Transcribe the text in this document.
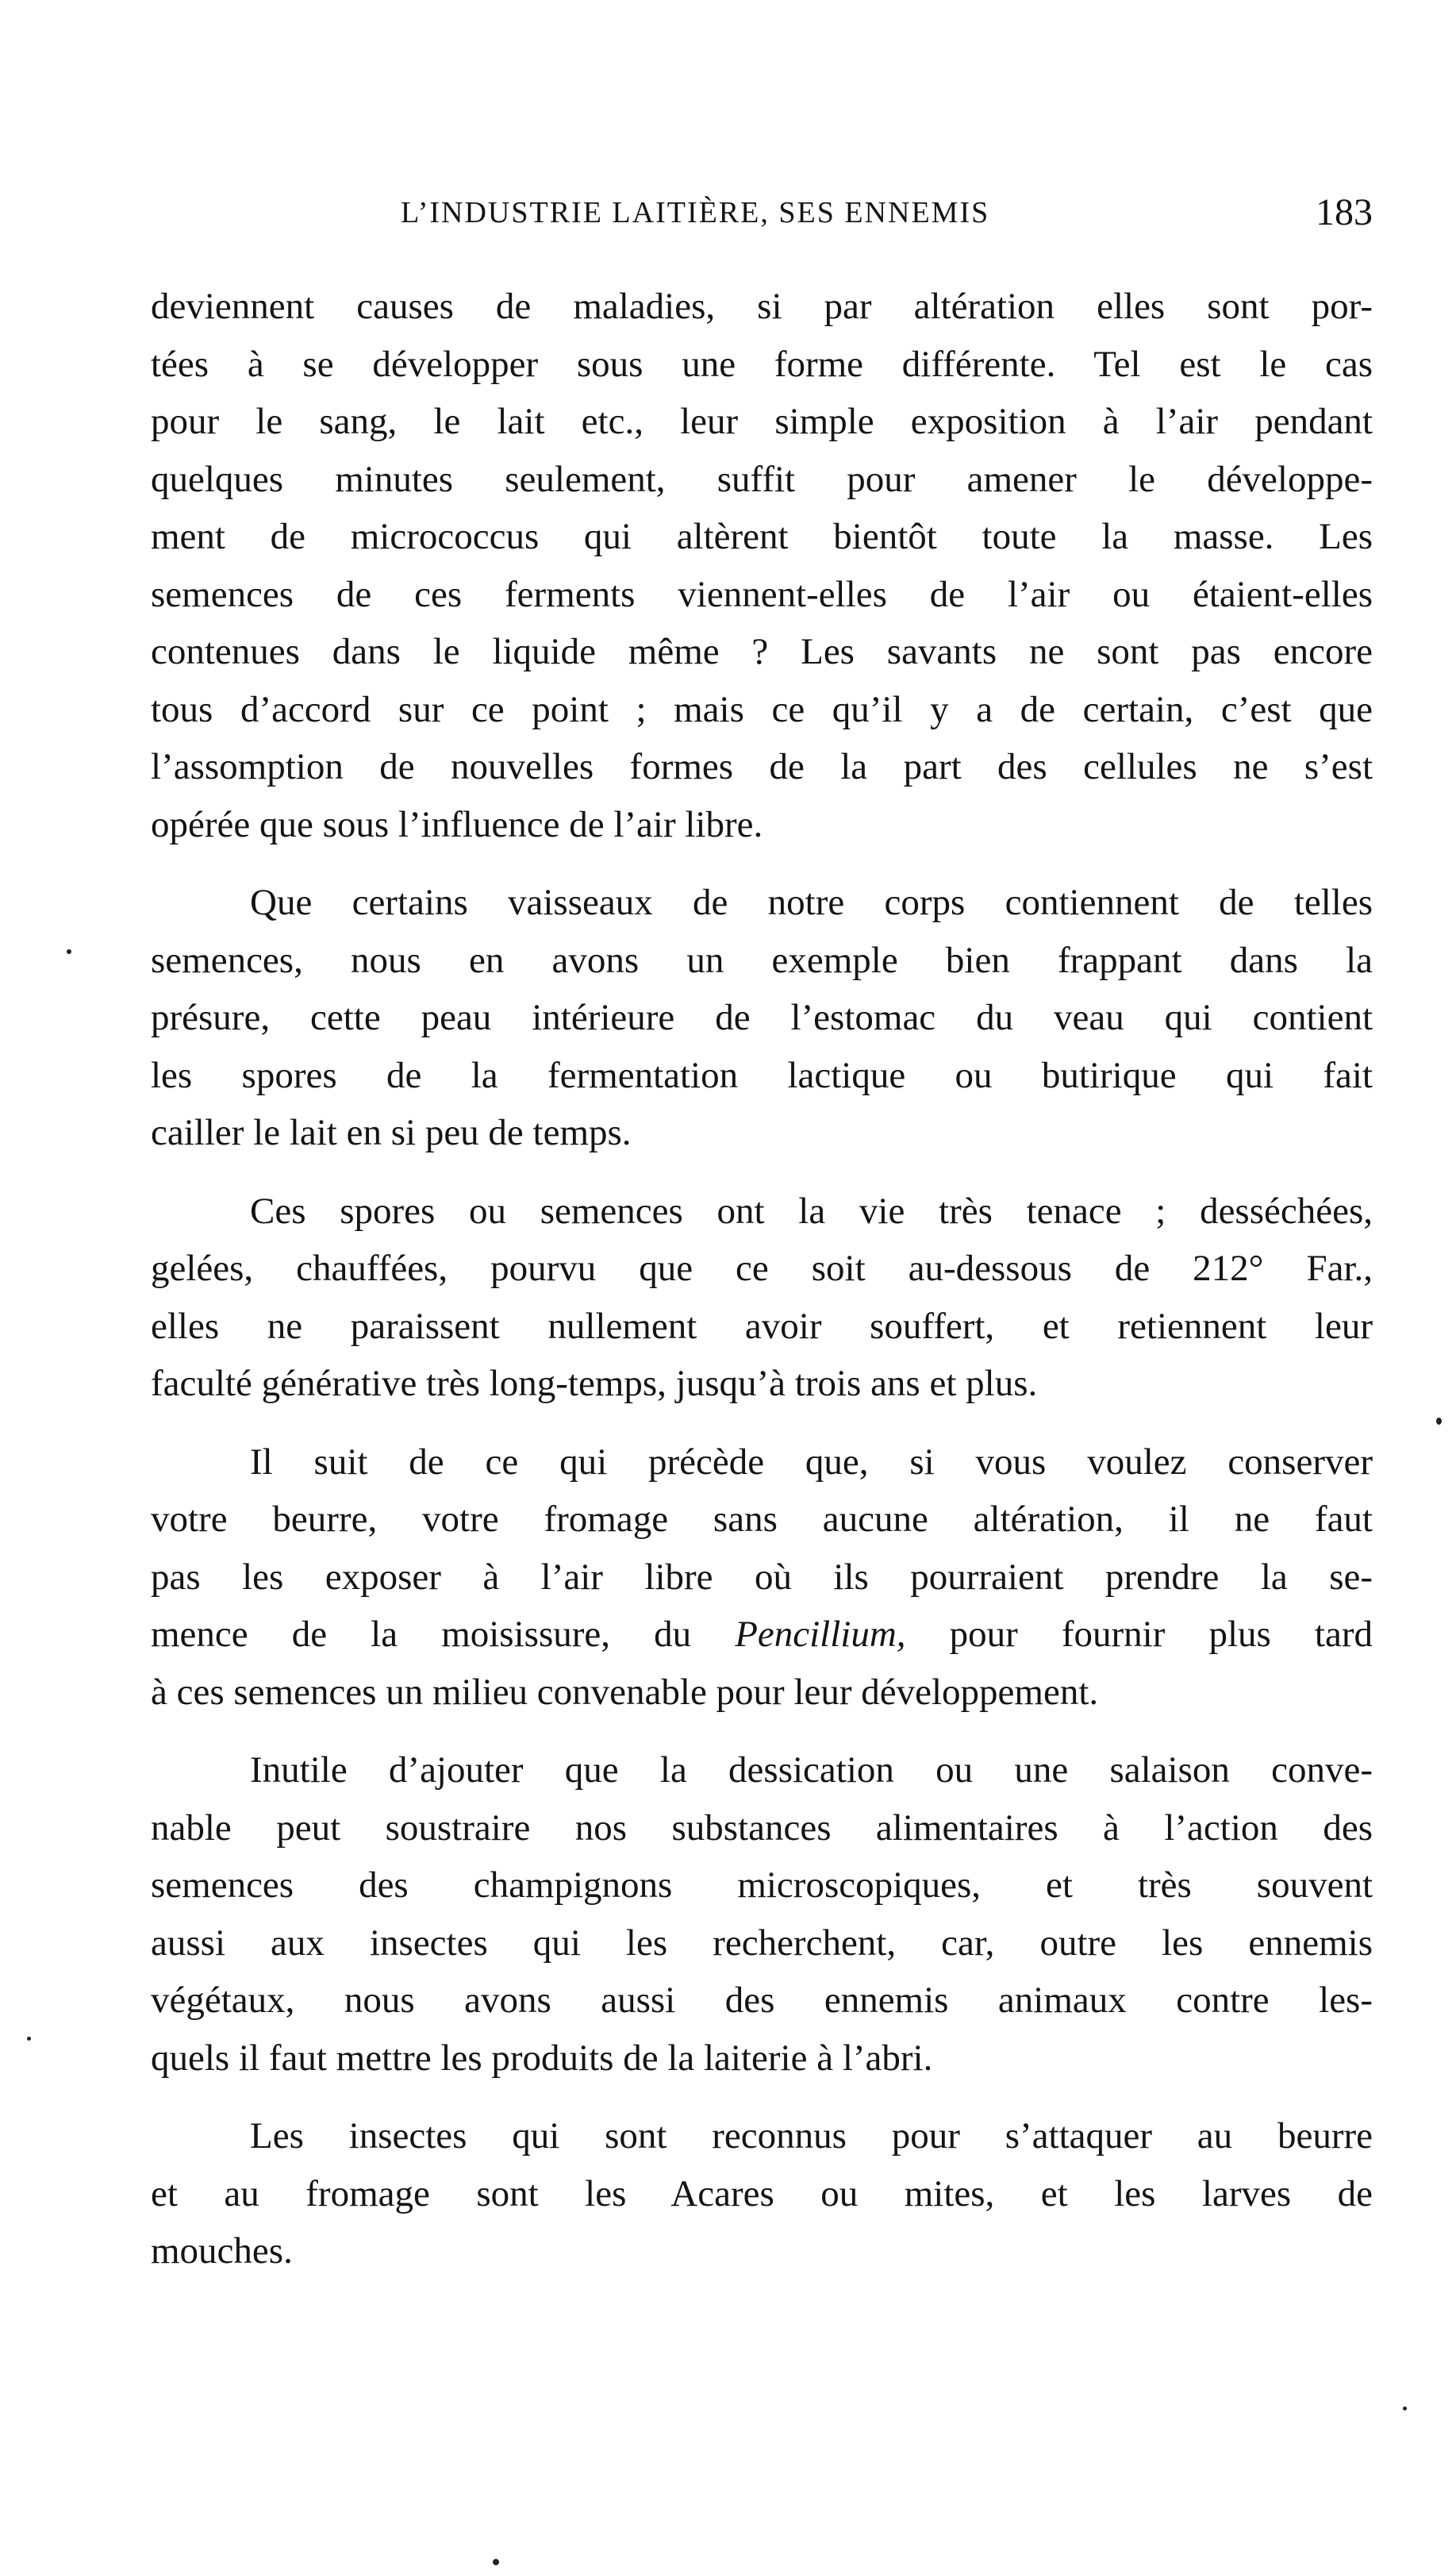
L’INDUSTRIE LAITIÈRE, SES ENNEMIS	183
deviennent causes de maladies, si par altération elles sont por-
tées à se développer sous une forme différente. Tel est le cas
pour le sang, le lait etc., leur simple exposition à l’air pendant
quelques minutes seulement, suffit pour amener le développe-
ment de micrococcus qui altèrent bientôt toute la masse. Les
semences de ces ferments viennent-elles de l’air ou étaient-elles
contenues dans le liquide même ? Les savants ne sont pas encore
tous d’accord sur ce point ; mais ce qu’il y a de certain, c’est que
l’assomption de nouvelles formes de la part des cellules ne s’est
opérée que sous l’influence de l’air libre.
Que certains vaisseaux de notre corps contiennent de telles
semences, nous en avons un exemple bien frappant dans la
présure, cette peau intérieure de l’estomac du veau qui contient
les spores de la fermentation lactique ou butirique qui fait
cailler le lait en si peu de temps.
Ces spores ou semences ont la vie très tenace ; desséchées,
gelées, chauffées, pourvu que ce soit au-dessous de 212° Far.,
elles ne paraissent nullement avoir souffert, et retiennent leur
faculté générative très long-temps, jusqu’à trois ans et plus.
Il suit de ce qui précède que, si vous voulez conserver
votre beurre, votre fromage sans aucune altération, il ne faut
pas les exposer à l’air libre où ils pourraient prendre la se-
mence de la moisissure, du Pencillium, pour fournir plus tard
à ces semences un milieu convenable pour leur développement.
Inutile d’ajouter que la dessication ou une salaison conve-
nable peut soustraire nos substances alimentaires à l’action des
semences des champignons microscopiques, et très souvent
aussi aux insectes qui les recherchent, car, outre les ennemis
végétaux, nous avons aussi des ennemis animaux contre les-
quels il faut mettre les produits de la laiterie à l’abri.
Les insectes qui sont reconnus pour s’attaquer au beurre
et au fromage sont les Acares ou mites, et les larves de
mouches.
